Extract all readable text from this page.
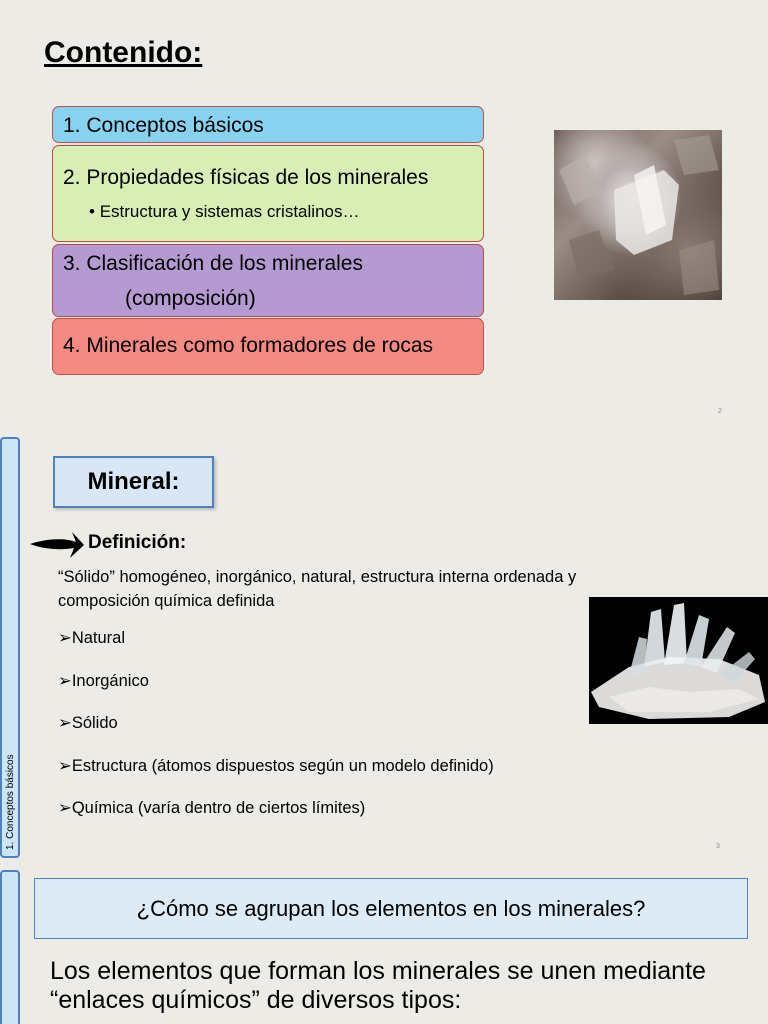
Contenido:
1. Conceptos básicos
2. Propiedades físicas de los minerales
• Estructura y sistemas cristalinos…
3. Clasificación de los minerales
(composición)
4. Minerales como formadores de rocas
2
1. Conceptos básicos
Mineral:
Definición:
“Sólido” homogéneo, inorgánico, natural, estructura interna ordenada y composición química definida
➢Natural
➢Inorgánico
➢Sólido
➢Estructura (átomos dispuestos según un modelo definido)
➢Química (varía dentro de ciertos límites)
3
¿Cómo se agrupan los elementos en los minerales?
Los elementos que forman los minerales se unen mediante “enlaces químicos” de diversos tipos:
